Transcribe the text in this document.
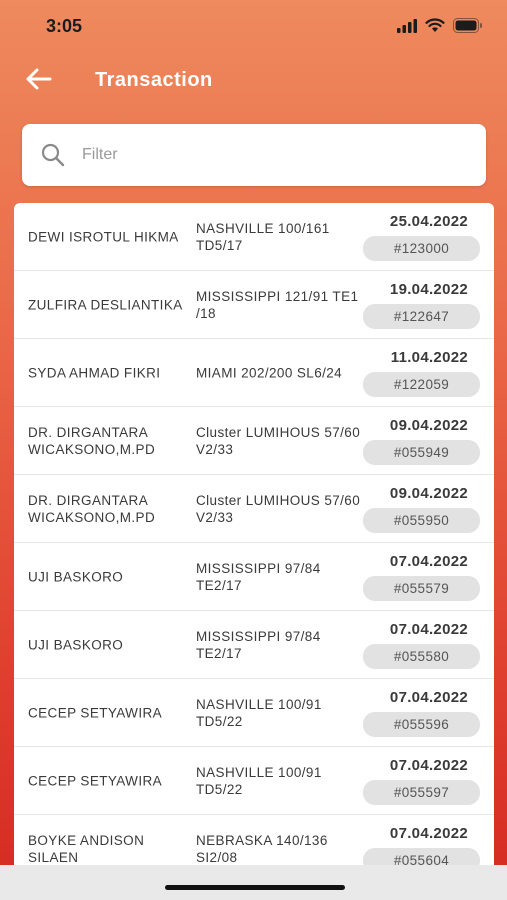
3:05
Transaction
Filter
DEWI ISROTUL HIKMA
NASHVILLE 100/161 TD5/17
25.04.2022
#123000
ZULFIRA DESLIANTIKA
MISSISSIPPI 121/91 TE1 /18
19.04.2022
#122647
SYDA AHMAD FIKRI	MIAMI 202/200 SL6/24
11.04.2022
#122059
DR. DIRGANTARA WICAKSONO,M.PD
Cluster LUMIHOUS 57/60 V2/33
09.04.2022
#055949
DR. DIRGANTARA WICAKSONO,M.PD
Cluster LUMIHOUS 57/60 V2/33
09.04.2022
#055950
UJI BASKORO
MISSISSIPPI 97/84 TE2/17
07.04.2022
#055579
UJI BASKORO
MISSISSIPPI 97/84 TE2/17
07.04.2022
#055580
CECEP SETYAWIRA
NASHVILLE 100/91 TD5/22
07.04.2022
#055596
CECEP SETYAWIRA
NASHVILLE 100/91 TD5/22
07.04.2022
#055597
BOYKE ANDISON SILAEN
NEBRASKA 140/136 SI2/08
07.04.2022
#055604
